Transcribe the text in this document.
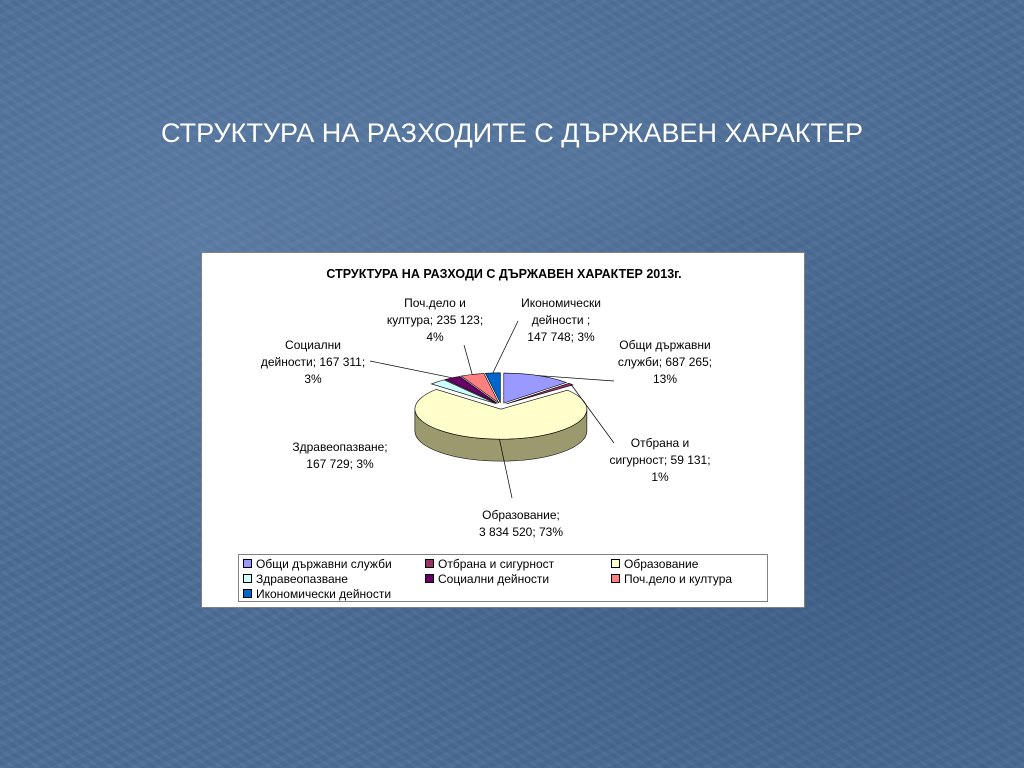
СТРУКТУРА НА РАЗХОДИТЕ С ДЪРЖАВЕН ХАРАКТЕР
СТРУКТУРА НА РАЗХОДИ С ДЪРЖАВЕН ХАРАКТЕР 2013г.
Общи държавни служби; 687 265; 13%
Отбрана и сигурност; 59 131; 1%
Образование; 3 834 520; 73%
Здравеопазване; 167 729; 3%
Социални дейности; 167 311; 3%
Поч.дело и култура; 235 123; 4%
Икономически дейности ; 147 748; 3%
Общи държавни служби	Отбрана и сигурност	Образование
Здравеопазване	Социални дейности	Поч.дело и култура
Икономически дейности
